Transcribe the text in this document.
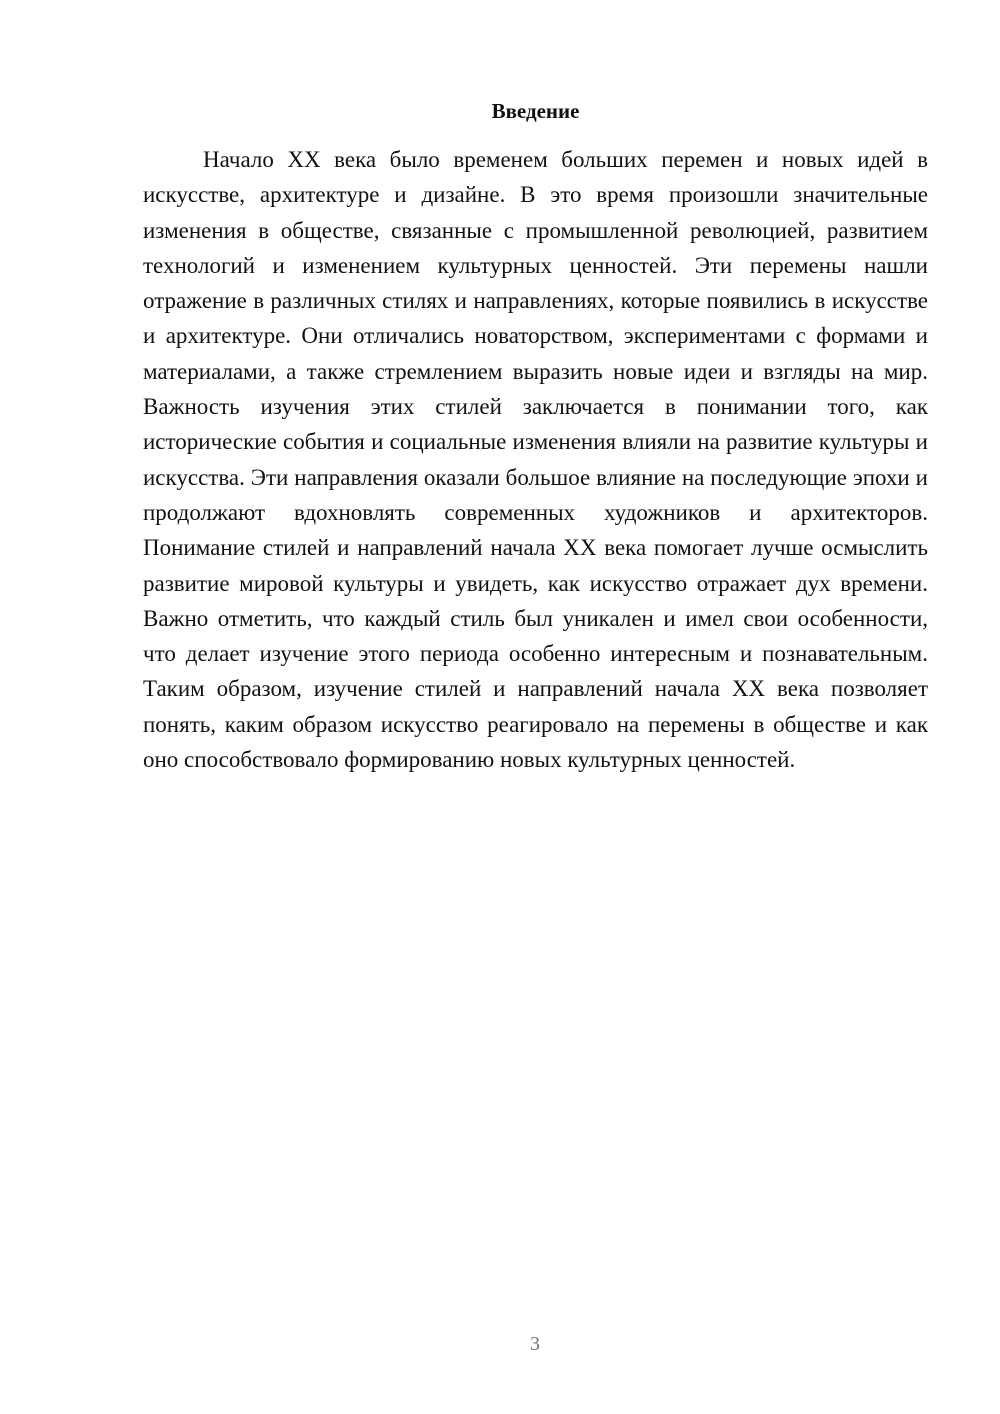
Введение

Начало XX века было временем больших перемен и новых идей в искусстве, архитектуре и дизайне. В это время произошли значительные изменения в обществе, связанные с промышленной революцией, развитием технологий и изменением культурных ценностей. Эти перемены нашли отражение в различных стилях и направлениях, которые появились в искусстве и архитектуре. Они отличались новаторством, экспериментами с формами и материалами, а также стремлением выразить новые идеи и взгляды на мир. Важность изучения этих стилей заключается в понимании того, как исторические события и социальные изменения влияли на развитие культуры и искусства. Эти направления оказали большое влияние на последующие эпохи и продолжают вдохновлять современных художников и архитекторов. Понимание стилей и направлений начала XX века помогает лучше осмыслить развитие мировой культуры и увидеть, как искусство отражает дух времени. Важно отметить, что каждый стиль был уникален и имел свои особенности, что делает изучение этого периода особенно интересным и познавательным. Таким образом, изучение стилей и направлений начала XX века позволяет понять, каким образом искусство реагировало на перемены в обществе и как оно способствовало формированию новых культурных ценностей.

3
